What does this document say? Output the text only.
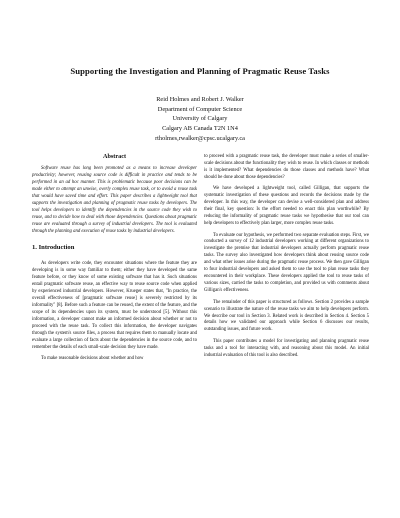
Supporting the Investigation and Planning of Pragmatic Reuse Tasks
Reid Holmes and Robert J. Walker
Department of Computer Science
University of Calgary
Calgary AB Canada T2N 1N4
rtholmes,rwalker@cpsc.ucalgary.ca
Abstract

Software reuse has long been promoted as a means to increase developer productivity; however, reusing source code is difficult in practice and tends to be performed in an ad hoc manner. This is problematic because poor decisions can be made either to attempt an unwise, overly complex reuse task, or to avoid a reuse task that would have saved time and effort. This paper describes a lightweight tool that supports the investigation and planning of pragmatic reuse tasks by developers. The tool helps developers to identify the dependencies in the source code they wish to reuse, and to decide how to deal with those dependencies. Questions about pragmatic reuse are evaluated through a survey of industrial developers. The tool is evaluated through the planning and execution of reuse tasks by industrial developers.

1. Introduction

As developers write code, they encounter situations where the feature they are developing is in some way familiar to them; either they have developed the same feature before, or they know of some existing software that has it. Such situations entail pragmatic software reuse, an effective way to reuse source code when applied by experienced industrial developers. However, Krueger states that, "In practice, the overall effectiveness of [pragmatic software reuse] is severely restricted by its informality" [8]. Before such a feature can be reused, the extent of the feature, and the scope of its dependencies upon its system, must be understood [5]. Without this information, a developer cannot make an informed decision about whether or not to proceed with the reuse task. To collect this information, the developer navigates through the system's source files, a process that requires them to manually locate and evaluate a large collection of facts about the dependencies in the source code, and to remember the details of each small-scale decision they have made.

To make reasonable decisions about whether and how

to proceed with a pragmatic reuse task, the developer must make a series of smaller-scale decisions about the functionality they wish to reuse. In which classes or methods is it implemented? What dependencies do those classes and methods have? What should be done about those dependencies?

We have developed a lightweight tool, called Gilligan, that supports the systematic investigation of these questions and records the decisions made by the developer. In this way, the developer can devise a well-considered plan and address their final, key question: Is the effort needed to enact this plan worthwhile? By reducing the informality of pragmatic reuse tasks we hypothesise that our tool can help developers to effectively plan larger, more complex reuse tasks.

To evaluate our hypothesis, we performed two separate evaluation steps. First, we conducted a survey of 12 industrial developers working at different organizations to investigate the premise that industrial developers actually perform pragmatic reuse tasks. The survey also investigated how developers think about reusing source code and what other issues arise during the pragmatic reuse process. We then gave Gilligan to four industrial developers and asked them to use the tool to plan reuse tasks they encountered in their workplace. These developers applied the tool to reuse tasks of various sizes, carried the tasks to completion, and provided us with comments about Gilligan's effectiveness.

The remainder of this paper is structured as follows. Section 2 provides a sample scenario to illustrate the nature of the reuse tasks we aim to help developers perform. We describe our tool in Section 3. Related work is described in Section 4. Section 5 details how we validated our approach while Section 6 discusses our results, outstanding issues, and future work.

This paper contributes a model for investigating and planning pragmatic reuse tasks and a tool for interacting with, and reasoning about this model. An initial industrial evaluation of this tool is also described.
